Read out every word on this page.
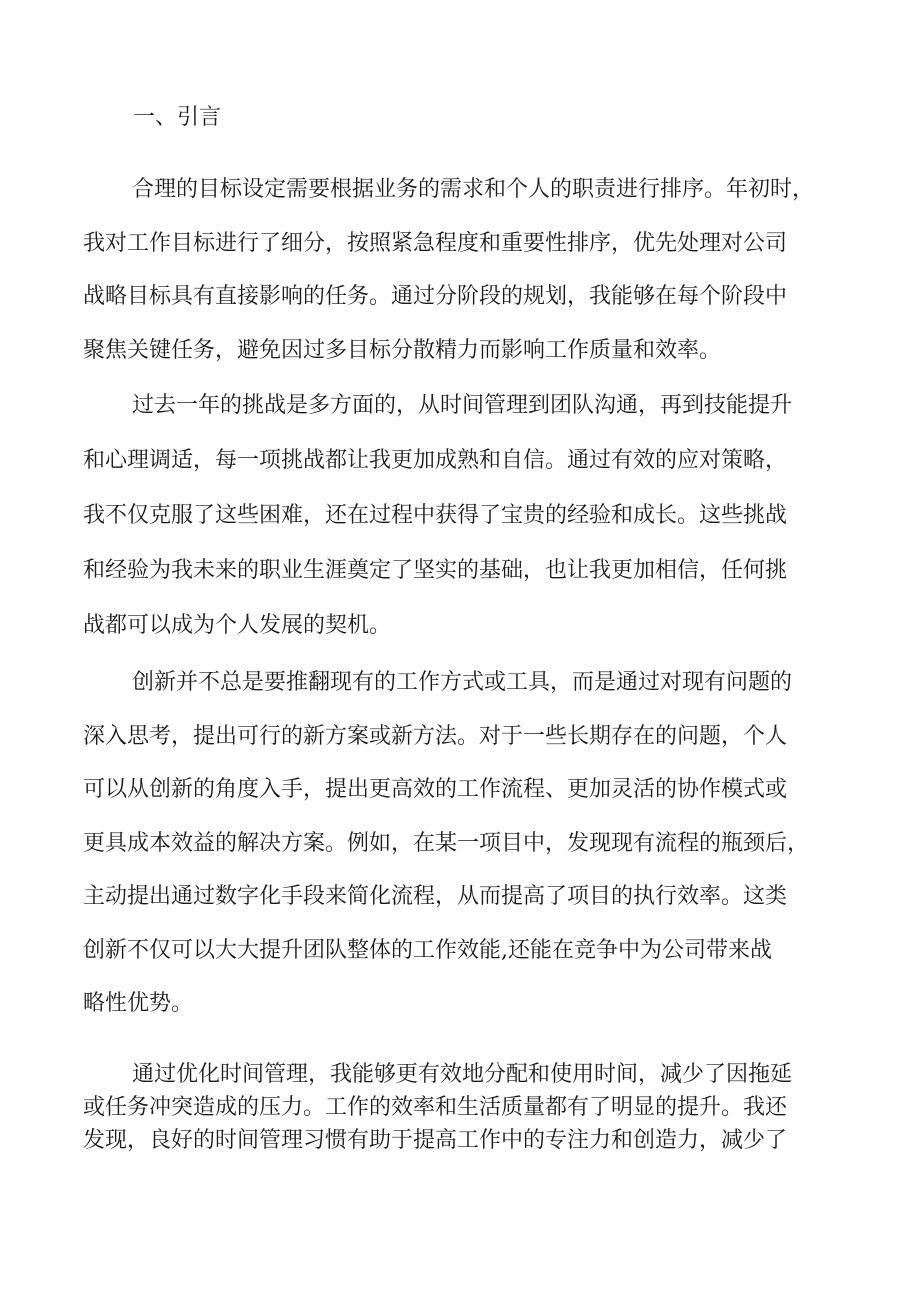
一、引言

合理的目标设定需要根据业务的需求和个人的职责进行排序。年初时，
我对工作目标进行了细分，按照紧急程度和重要性排序，优先处理对公司
战略目标具有直接影响的任务。通过分阶段的规划，我能够在每个阶段中
聚焦关键任务，避免因过多目标分散精力而影响工作质量和效率。

过去一年的挑战是多方面的，从时间管理到团队沟通，再到技能提升
和心理调适，每一项挑战都让我更加成熟和自信。通过有效的应对策略，
我不仅克服了这些困难，还在过程中获得了宝贵的经验和成长。这些挑战
和经验为我未来的职业生涯奠定了坚实的基础，也让我更加相信，任何挑
战都可以成为个人发展的契机。

创新并不总是要推翻现有的工作方式或工具，而是通过对现有问题的
深入思考，提出可行的新方案或新方法。对于一些长期存在的问题，个人
可以从创新的角度入手，提出更高效的工作流程、更加灵活的协作模式或
更具成本效益的解决方案。例如，在某一项目中，发现现有流程的瓶颈后，
主动提出通过数字化手段来简化流程，从而提高了项目的执行效率。这类
创新不仅可以大大提升团队整体的工作效能,还能在竞争中为公司带来战
略性优势。

通过优化时间管理，我能够更有效地分配和使用时间，减少了因拖延
或任务冲突造成的压力。工作的效率和生活质量都有了明显的提升。我还
发现，良好的时间管理习惯有助于提高工作中的专注力和创造力，减少了
